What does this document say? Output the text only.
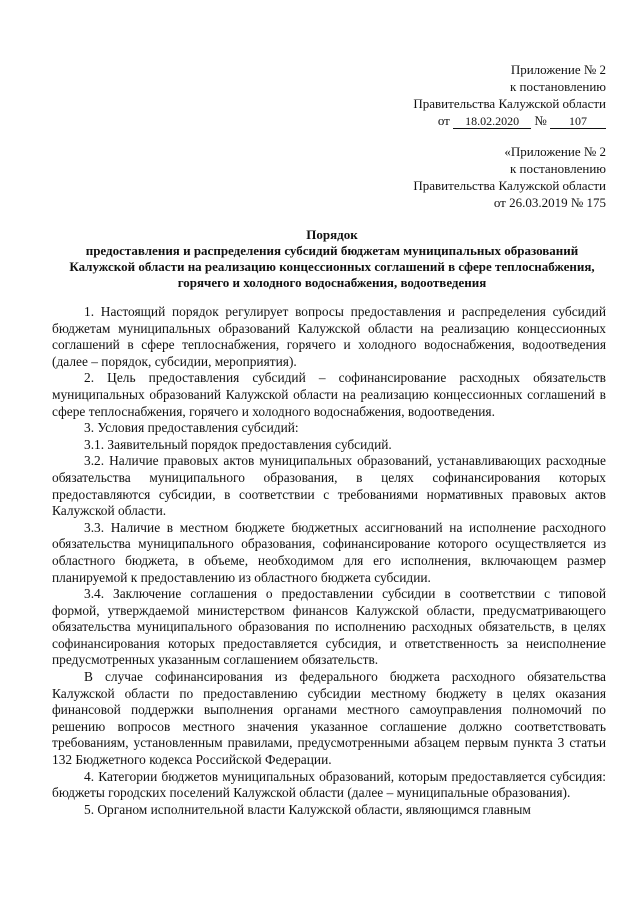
Приложение № 2
к постановлению
Правительства Калужской области
от 18.02.2020 № 107
«Приложение № 2
к постановлению
Правительства Калужской области
от 26.03.2019 № 175
Порядок
предоставления и распределения субсидий бюджетам муниципальных образований Калужской области на реализацию концессионных соглашений в сфере теплоснабжения, горячего и холодного водоснабжения, водоотведения

1. Настоящий порядок регулирует вопросы предоставления и распределения субсидий бюджетам муниципальных образований Калужской области на реализацию концессионных соглашений в сфере теплоснабжения, горячего и холодного водоснабжения, водоотведения (далее – порядок, субсидии, мероприятия).

2. Цель предоставления субсидий – софинансирование расходных обязательств муниципальных образований Калужской области на реализацию концессионных соглашений в сфере теплоснабжения, горячего и холодного водоснабжения, водоотведения.

3. Условия предоставления субсидий:

3.1. Заявительный порядок предоставления субсидий.

3.2. Наличие правовых актов муниципальных образований, устанавливающих расходные обязательства муниципального образования, в целях софинансирования которых предоставляются субсидии, в соответствии с требованиями нормативных правовых актов Калужской области.

3.3. Наличие в местном бюджете бюджетных ассигнований на исполнение расходного обязательства муниципального образования, софинансирование которого осуществляется из областного бюджета, в объеме, необходимом для его исполнения, включающем размер планируемой к предоставлению из областного бюджета субсидии.

3.4. Заключение соглашения о предоставлении субсидии в соответствии с типовой формой, утверждаемой министерством финансов Калужской области, предусматривающего обязательства муниципального образования по исполнению расходных обязательств, в целях софинансирования которых предоставляется субсидия, и ответственность за неисполнение предусмотренных указанным соглашением обязательств.

В случае софинансирования из федерального бюджета расходного обязательства Калужской области по предоставлению субсидии местному бюджету в целях оказания финансовой поддержки выполнения органами местного самоуправления полномочий по решению вопросов местного значения указанное соглашение должно соответствовать требованиям, установленным правилами, предусмотренными абзацем первым пункта 3 статьи 132 Бюджетного кодекса Российской Федерации.

4. Категории бюджетов муниципальных образований, которым предоставляется субсидия: бюджеты городских поселений Калужской области (далее – муниципальные образования).

5. Органом исполнительной власти Калужской области, являющимся главным
